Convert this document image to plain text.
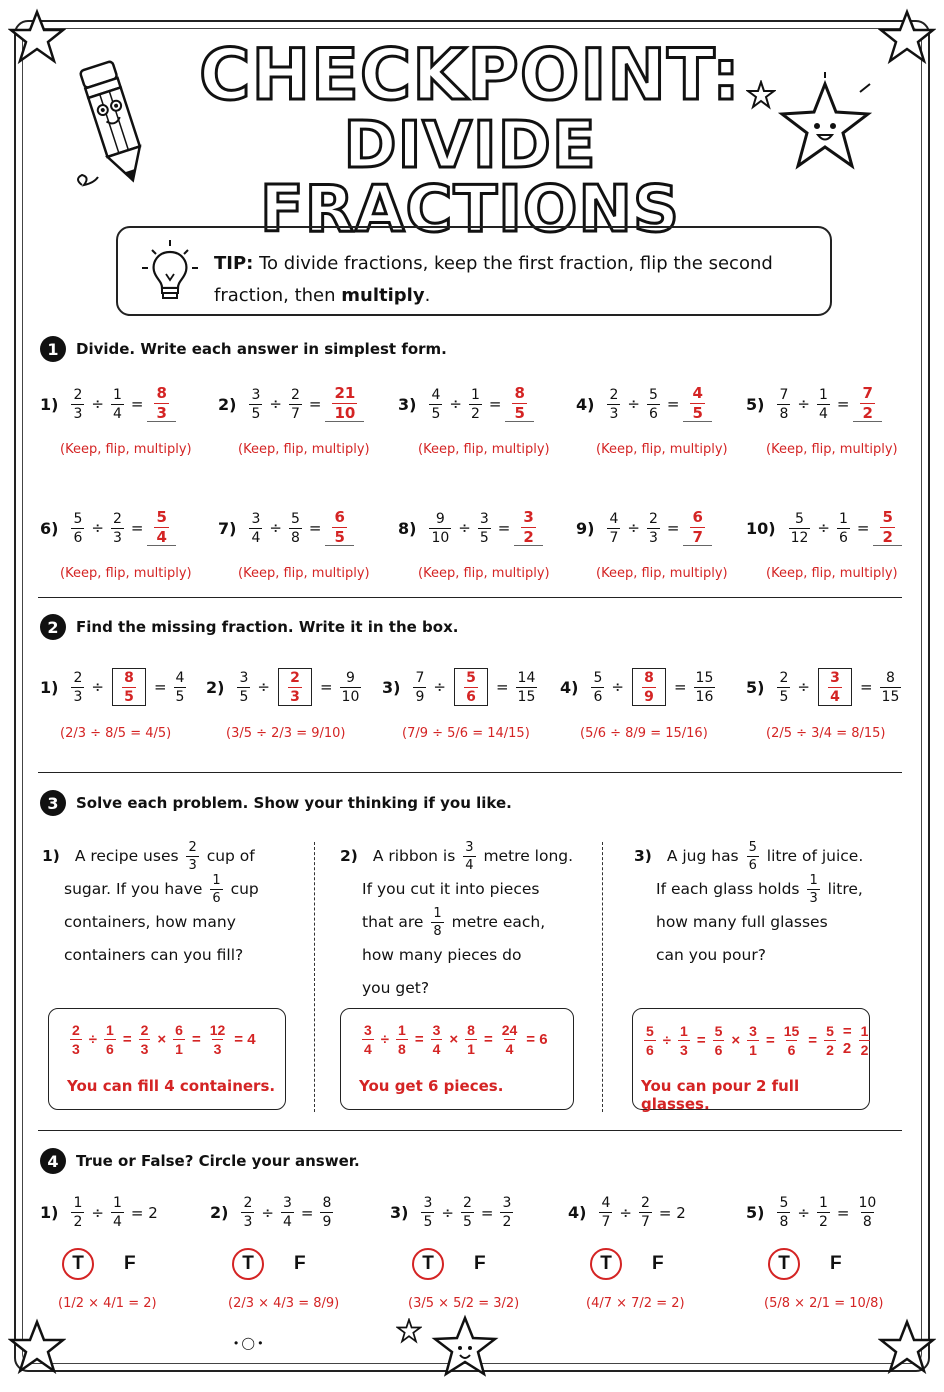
CHECKPOINT:
DIVIDE FRACTIONS
TIP: To divide fractions, keep the first fraction, flip the second fraction, then multiply.
1	Divide. Write each answer in simplest form.
$1) \frac{2}{3} \div \frac{1}{4} = \frac{8}{3}$
(Keep, flip, multiply)
$2) \frac{3}{5} \div \frac{2}{7} = \frac{21}{10}$
(Keep, flip, multiply)
$3) \frac{4}{5} \div \frac{1}{2} = \frac{8}{5}$
(Keep, flip, multiply)
$4) \frac{2}{3} \div \frac{5}{6} = \frac{4}{5}$
(Keep, flip, multiply)
$5) \frac{7}{8} \div \frac{1}{4} = \frac{7}{2}$
(Keep, flip, multiply)
$6) \frac{5}{6} \div \frac{2}{3} = \frac{5}{4}$
(Keep, flip, multiply)
$7) \frac{3}{4} \div \frac{5}{8} = \frac{6}{5}$
(Keep, flip, multiply)
$8) \frac{9}{10} \div \frac{3}{5} = \frac{3}{2}$
(Keep, flip, multiply)
$9) \frac{4}{7} \div \frac{2}{3} = \frac{6}{7}$
(Keep, flip, multiply)
$10) \frac{5}{12} \div \frac{1}{6} = \frac{5}{2}$
(Keep, flip, multiply)
2	Find the missing fraction. Write it in the box.
$1) \frac{2}{3}$ ÷
8
5
= $\frac{4}{5}$
(2/3 ÷ 8/5 = 4/5)
$2) \frac{3}{5}$ ÷
2
3
= $\frac{9}{10}$
(3/5 ÷ 2/3 = 9/10)
$3) \frac{7}{9}$ ÷
5
6
= $\frac{14}{15}$
(7/9 ÷ 5/6 = 14/15)
$4) \frac{5}{6}$ ÷
8
9
= $\frac{15}{16}$
(5/6 ÷ 8/9 = 15/16)
$5) \frac{2}{5}$ ÷
3
4
= $\frac{8}{15}$
(2/5 ÷ 3/4 = 8/15)
3	Solve each problem. Show your thinking if you like.
1) A recipe uses $\frac{2}{3}$ cup of
sugar. If you have $\frac{1}{6}$ cup
containers, how many
containers can you fill?
2) A ribbon is $\frac{3}{4}$ metre long.
If you cut it into pieces
that are $\frac{1}{8}$ metre each,
how many pieces do
you get?
3) A jug has $\frac{5}{6}$ litre of juice.
If each glass holds $\frac{1}{3}$ litre,
how many full glasses
can you pour?
$\frac{2}{3} \div \frac{1}{6} = \frac{2}{3} \times \frac{6}{1} = \frac{12}{3} = 4$
You can fill 4 containers.
$\frac{3}{4} \div \frac{1}{8} = \frac{3}{4} \times \frac{8}{1} = \frac{24}{4} = 6$
You get 6 pieces.
$\frac{5}{6} \div \frac{1}{3} = \frac{5}{6} \times \frac{3}{1} = \frac{15}{6} = \frac{5}{2} = 2$
1
2
You can pour 2 full glasses.
4	True or False? Circle your answer.
$1) \frac{1}{2} \div \frac{1}{4} = 2$
T F
(1/2 × 4/1 = 2)
$2) \frac{2}{3} \div \frac{3}{4} = \frac{8}{9}$
T F
(2/3 × 4/3 = 8/9)
$3) \frac{3}{5} \div \frac{2}{5} = \frac{3}{2}$
T F
(3/5 × 5/2 = 3/2)
$4) \frac{4}{7} \div \frac{2}{7} = 2$
T F
(4/7 × 7/2 = 2)
$5) \frac{5}{8} \div \frac{1}{2} = \frac{10}{8}$
T F
(5/8 × 2/1 = 10/8)
• ◯ •
